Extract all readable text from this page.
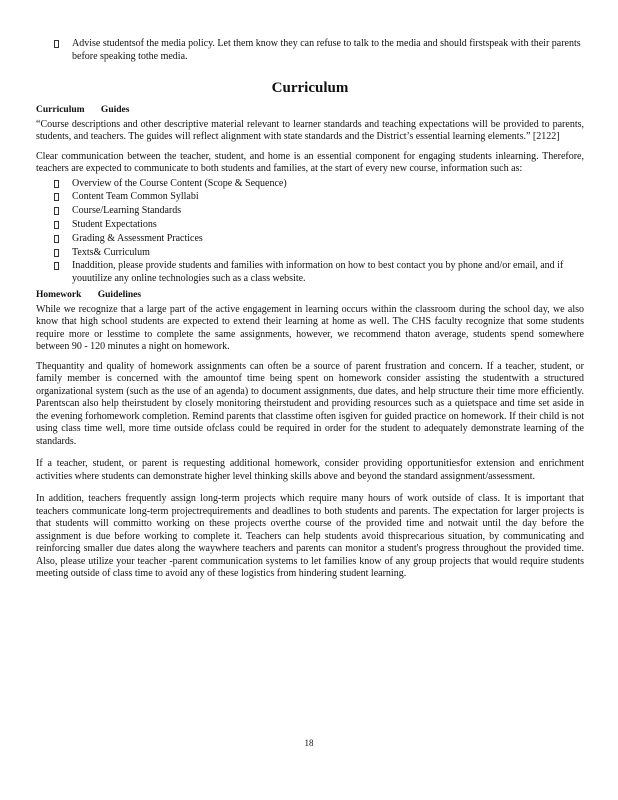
Advise studentsof the media policy. Let them know they can refuse to talk to the media and should firstspeak with their parents before speaking tothe media.
Curriculum
Curriculum Guides

“Course descriptions and other descriptive material relevant to learner standards and teaching expectations will be provided to parents, students, and teachers. The guides will reflect alignment with state standards and the District’s essential learning elements.” [2122]

Clear communication between the teacher, student, and home is an essential component for engaging students inlearning. Therefore, teachers are expected to communicate to both students and families, at the start of every new course, information such as:

Overview of the Course Content (Scope & Sequence)
Content Team Common Syllabi
Course/Learning Standards
Student Expectations
Grading & Assessment Practices
Texts& Curriculum
Inaddition, please provide students and families with information on how to best contact you by phone and/or email, and if youutilize any online technologies such as a class website.
Homework Guidelines

While we recognize that a large part of the active engagement in learning occurs within the classroom during the school day, we also know that high school students are expected to extend their learning at home as well. The CHS faculty recognize that some students require more or lesstime to complete the same assignments, however, we recommend thaton average, students spend somewhere between 90 - 120 minutes a night on homework.

Thequantity and quality of homework assignments can often be a source of parent frustration and concern. If a teacher, student, or family member is concerned with the amountof time being spent on homework consider assisting the studentwith a structured organizational system (such as the use of an agenda) to document assignments, due dates, and help structure their time more efficiently. Parentscan also help theirstudent by closely monitoring theirstudent and providing resources such as a quietspace and time set aside in the evening forhomework completion. Remind parents that classtime often isgiven for guided practice on homework. If their child is not using class time well, more time outside ofclass could be required in order for the student to adequately demonstrate learning of the standards.

If a teacher, student, or parent is requesting additional homework, consider providing opportunitiesfor extension and enrichment activities where students can demonstrate higher level thinking skills above and beyond the standard assignment/assessment.

In addition, teachers frequently assign long-term projects which require many hours of work outside of class. It is important that teachers communicate long-term projectrequirements and deadlines to both students and parents. The expectation for larger projects is that students will committo working on these projects overthe course of the provided time and notwait until the day before the assignment is due before working to complete it. Teachers can help students avoid thisprecarious situation, by communicating and reinforcing smaller due dates along the waywhere teachers and parents can monitor a student's progress throughout the provided time. Also, please utilize your teacher -parent communication systems to let families know of any group projects that would require students meeting outside of class time to avoid any of these logistics from hindering student learning.

18
